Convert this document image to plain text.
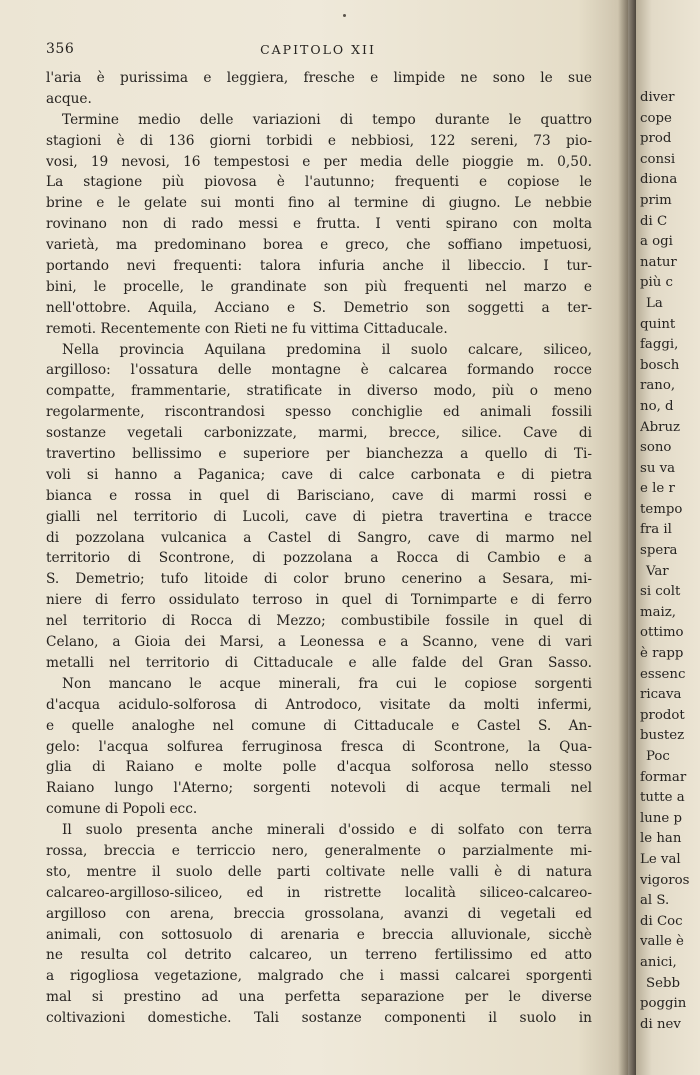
356	CAPITOLO XII
l'aria è purissima e leggiera, fresche e limpide ne sono le sue
acque.
Termine medio delle variazioni di tempo durante le quattro
stagioni è di 136 giorni torbidi e nebbiosi, 122 sereni, 73 pio-
vosi, 19 nevosi, 16 tempestosi e per media delle pioggie m. 0,50.
La stagione più piovosa è l'autunno; frequenti e copiose le
brine e le gelate sui monti fino al termine di giugno. Le nebbie
rovinano non di rado messi e frutta. I venti spirano con molta
varietà, ma predominano borea e greco, che soffiano impetuosi,
portando nevi frequenti: talora infuria anche il libeccio. I tur-
bini, le procelle, le grandinate son più frequenti nel marzo e
nell'ottobre. Aquila, Acciano e S. Demetrio son soggetti a ter-
remoti. Recentemente con Rieti ne fu vittima Cittaducale.
Nella provincia Aquilana predomina il suolo calcare, siliceo,
argilloso: l'ossatura delle montagne è calcarea formando rocce
compatte, frammentarie, stratificate in diverso modo, più o meno
regolarmente, riscontrandosi spesso conchiglie ed animali fossili
sostanze vegetali carbonizzate, marmi, brecce, silice. Cave di
travertino bellissimo e superiore per bianchezza a quello di Ti-
voli si hanno a Paganica; cave di calce carbonata e di pietra
bianca e rossa in quel di Barisciano, cave di marmi rossi e
gialli nel territorio di Lucoli, cave di pietra travertina e tracce
di pozzolana vulcanica a Castel di Sangro, cave di marmo nel
territorio di Scontrone, di pozzolana a Rocca di Cambio e a
S. Demetrio; tufo litoide di color bruno cenerino a Sesara, mi-
niere di ferro ossidulato terroso in quel di Tornimparte e di ferro
nel territorio di Rocca di Mezzo; combustibile fossile in quel di
Celano, a Gioia dei Marsi, a Leonessa e a Scanno, vene di vari
metalli nel territorio di Cittaducale e alle falde del Gran Sasso.
Non mancano le acque minerali, fra cui le copiose sorgenti
d'acqua acidulo-solforosa di Antrodoco, visitate da molti infermi,
e quelle analoghe nel comune di Cittaducale e Castel S. An-
gelo: l'acqua solfurea ferruginosa fresca di Scontrone, la Qua-
glia di Raiano e molte polle d'acqua solforosa nello stesso
Raiano lungo l'Aterno; sorgenti notevoli di acque termali nel
comune di Popoli ecc.
Il suolo presenta anche minerali d'ossido e di solfato con terra
rossa, breccia e terriccio nero, generalmente o parzialmente mi-
sto, mentre il suolo delle parti coltivate nelle valli è di natura
calcareo-argilloso-siliceo, ed in ristrette località siliceo-calcareo-
argilloso con arena, breccia grossolana, avanzi di vegetali ed
animali, con sottosuolo di arenaria e breccia alluvionale, sicchè
ne resulta col detrito calcareo, un terreno fertilissimo ed atto
a rigogliosa vegetazione, malgrado che i massi calcarei sporgenti
mal si prestino ad una perfetta separazione per le diverse
coltivazioni domestiche. Tali sostanze componenti il suolo in
diver
cope
prod
consi
diona
prim
di C
a ogi
natur
più c
La
quint
faggi,
bosch
rano,
no, d
Abruz
sono
su va
e le r
tempo
fra il
spera
Var
si colt
maiz,
ottimo
è rapp
essenc
ricava
prodot
bustez
Poc
formar
tutte a
lune p
le han
Le val
vigoros
al S.
di Coc
valle è
anici,
Sebb
poggin
di nev
